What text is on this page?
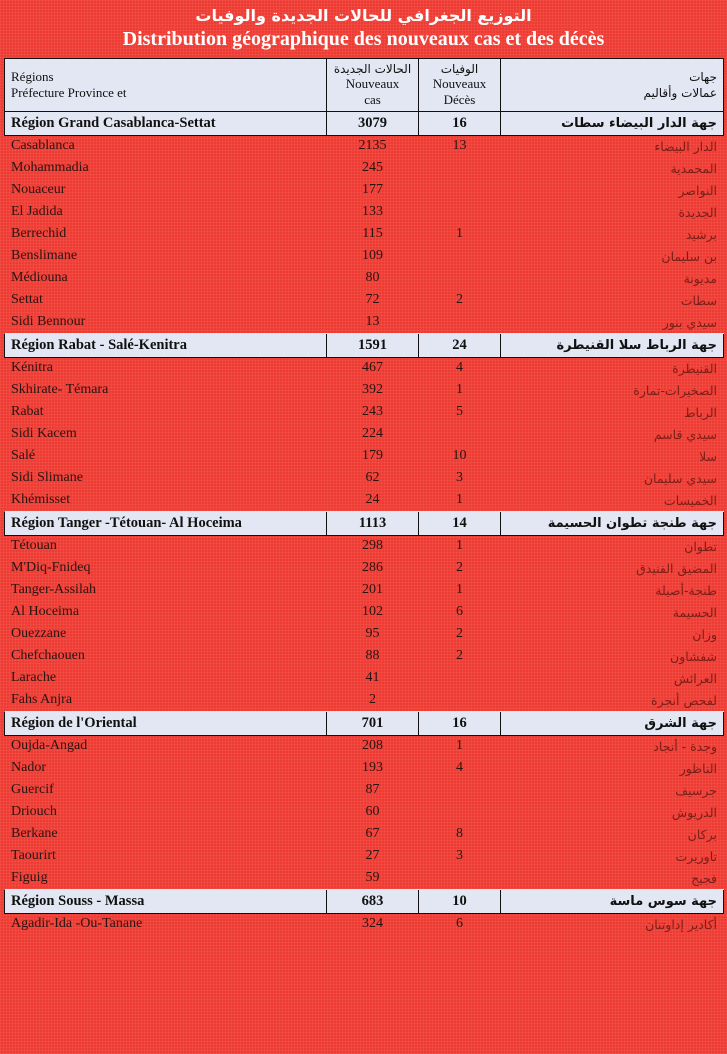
التوزيع الجغرافي للحالات الجديدة والوفيات
Distribution géographique des nouveaux cas et des décès
Régions
Préfecture Province et

الحالات الجديدة
Nouveaux
cas

الوفيات
Nouveaux
Décès

جهات
عمالات وأقاليم

Région Grand Casablanca-Settat	3079	16	جهة الدار البيضاء سطات
Casablanca	2135	13	الدار البيضاء
Mohammadia	245		المحمدية
Nouaceur	177		النواصر
El Jadida	133		الجديدة
Berrechid	115	1	برشيد
Benslimane	109		بن سليمان
Médiouna	80		مديونة
Settat	72	2	سطات
Sidi Bennour	13		سيدي بنور
Région Rabat - Salé-Kenitra	1591	24	جهة الرباط سلا القنيطرة
Kénitra	467	4	القنيطرة
Skhirate- Témara	392	1	الصخيرات-تمارة
Rabat	243	5	الرباط
Sidi Kacem	224		سيدي قاسم
Salé	179	10	سلا
Sidi Slimane	62	3	سيدي سليمان
Khémisset	24	1	الخميسات
Région Tanger -Tétouan- Al Hoceima	1113	14	جهة طنجة تطوان الحسيمة
Tétouan	298	1	تطوان
M'Diq-Fnideq	286	2	المضيق الفنيدق
Tanger-Assilah	201	1	طنجة-أصيلة
Al Hoceima	102	6	الحسيمة
Ouezzane	95	2	وزان
Chefchaouen	88	2	شفشاون
Larache	41		العرائش
Fahs Anjra	2		لفحص أنجرة
Région de l'Oriental	701	16	جهة الشرق
Oujda-Angad	208	1	وجدة - أنجاد
Nador	193	4	الناظور
Guercif	87		جرسيف
Driouch	60		الدريوش
Berkane	67	8	بركان
Taourirt	27	3	تاوريرت
Figuig	59		فجيج
Région Souss - Massa	683	10	جهة سوس ماسة
Agadir-Ida -Ou-Tanane	324	6	أكادير إداوتنان
